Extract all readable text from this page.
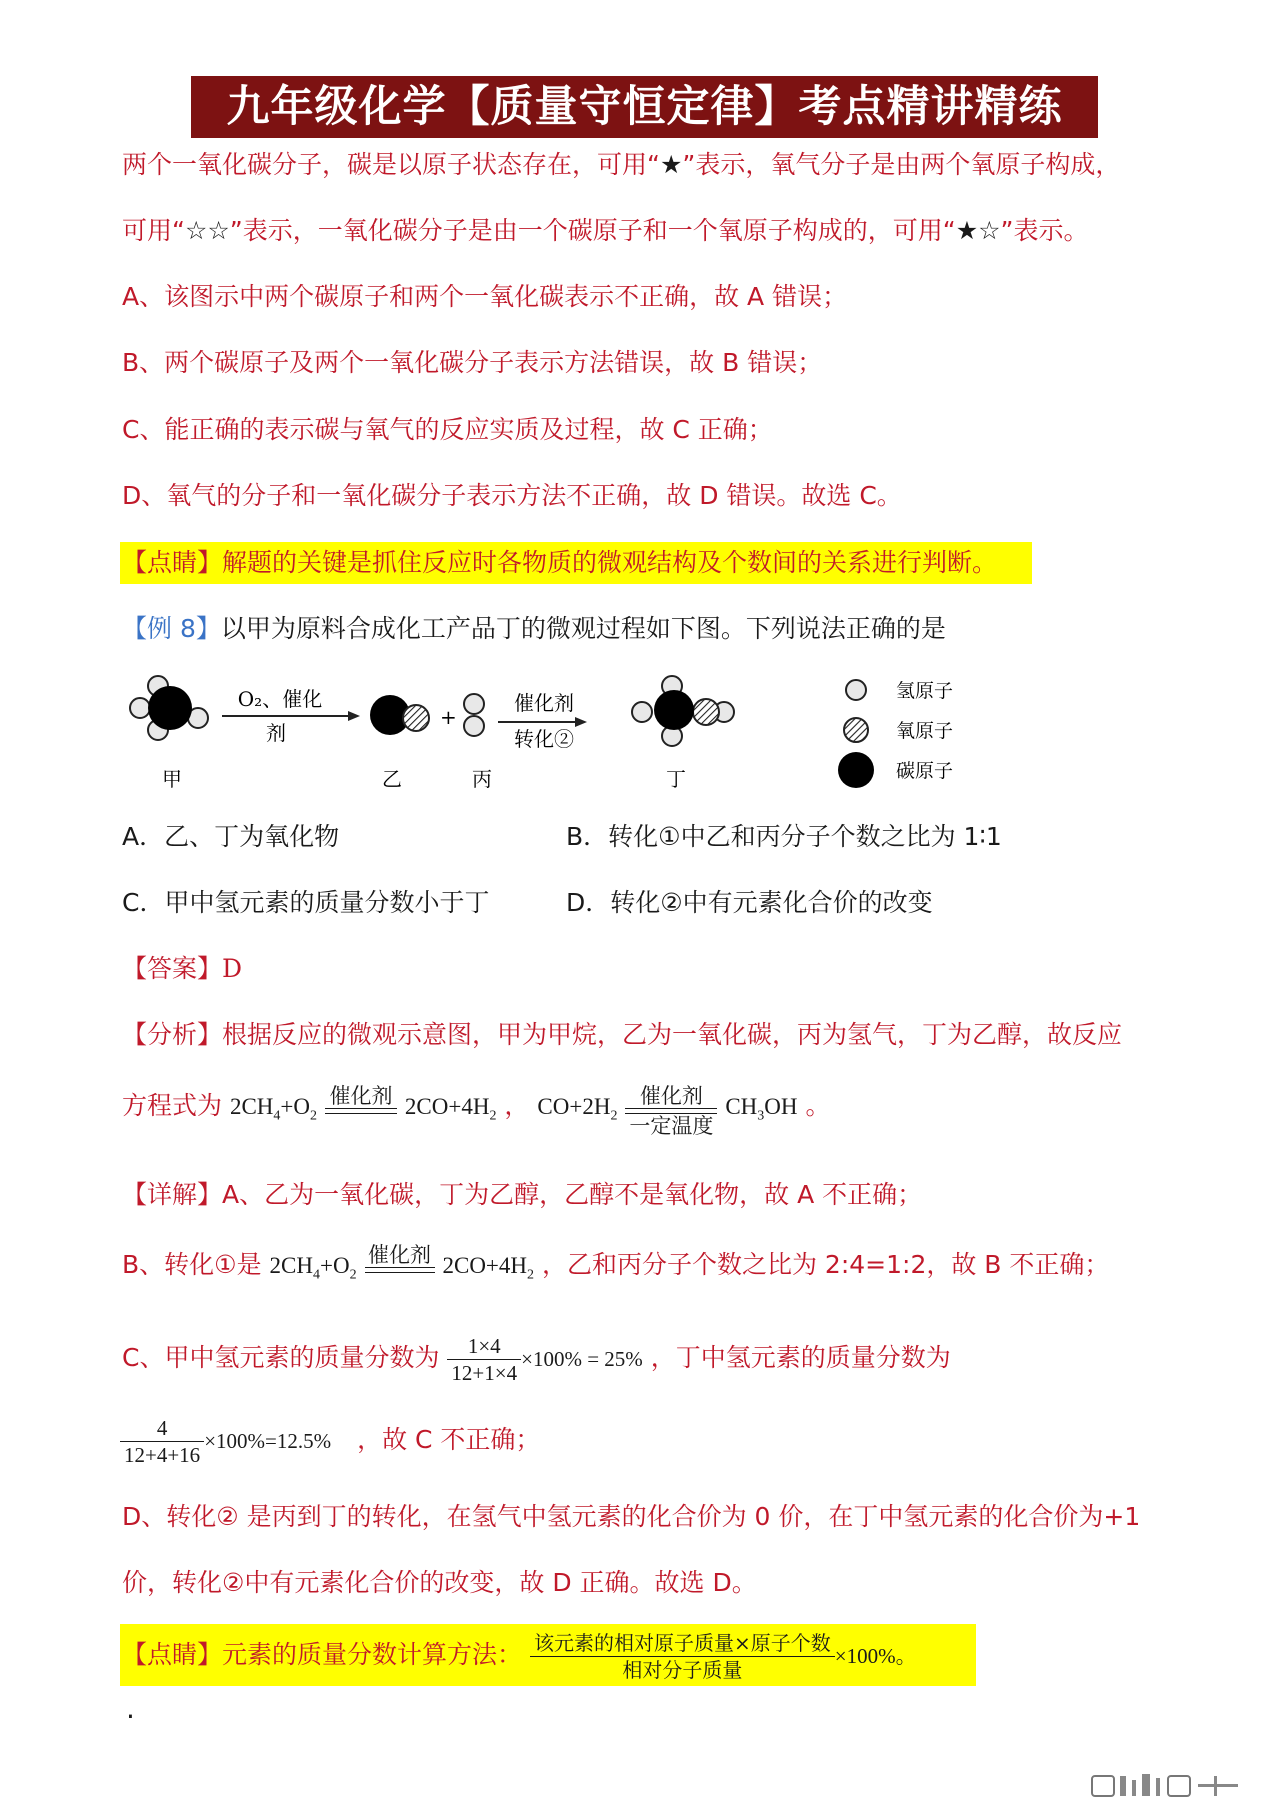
九年级化学【质量守恒定律】考点精讲精练
两个一氧化碳分子，碳是以原子状态存在，可用“★”表示，氧气分子是由两个氧原子构成，
可用“☆☆”表示，一氧化碳分子是由一个碳原子和一个氧原子构成的，可用“★☆”表示。
A、该图示中两个碳原子和两个一氧化碳表示不正确，故 A 错误；
B、两个碳原子及两个一氧化碳分子表示方法错误，故 B 错误；
C、能正确的表示碳与氧气的反应实质及过程，故 C 正确；
D、氧气的分子和一氧化碳分子表示方法不正确，故 D 错误。故选 C。
【点睛】解题的关键是抓住反应时各物质的微观结构及个数间的关系进行判断。
【例 8】以甲为原料合成化工产品丁的微观过程如下图。下列说法正确的是
甲
O₂、催化
剂
乙
+
丙
催化剂
转化②
丁
氢原子
氧原子
碳原子
A．乙、丁为氧化物	B．转化①中乙和丙分子个数之比为 1∶1
C．甲中氢元素的质量分数小于丁	D．转化②中有元素化合价的改变
【答案】D
【分析】根据反应的微观示意图，甲为甲烷，乙为一氧化碳，丙为氢气，丁为乙醇，故反应
方程式为 $2CH_4+O_2$
催化剂 $2CO+4H_2$ ， $CO+2H_2$
催化剂
一定温度
$CH_3OH$ 。
【详解】A、乙为一氧化碳，丁为乙醇，乙醇不是氧化物，故 A 不正确；
B、转化①是 $2CH_4+O_2$
催化剂 $2CO+4H_2$ ，乙和丙分子个数之比为 2:4=1:2，故 B 不正确；
C、甲中氢元素的质量分数为 $\frac{1\times 4}{12+1\times 4} \times 100\% = 25\%$ ，丁中氢元素的质量分数为
$\frac{4}{12+4+16} \times 100\%=12.5\%$ ，故 C 不正确；
D、转化② 是丙到丁的转化，在氢气中氢元素的化合价为 0 价，在丁中氢元素的化合价为+1
价，转化②中有元素化合价的改变，故 D 正确。故选 D。
【点睛】元素的质量分数计算方法： $\frac{\text{该元素的相对原子质量×原子个数}}{\text{相对分子质量}} \times 100\%$。
·
